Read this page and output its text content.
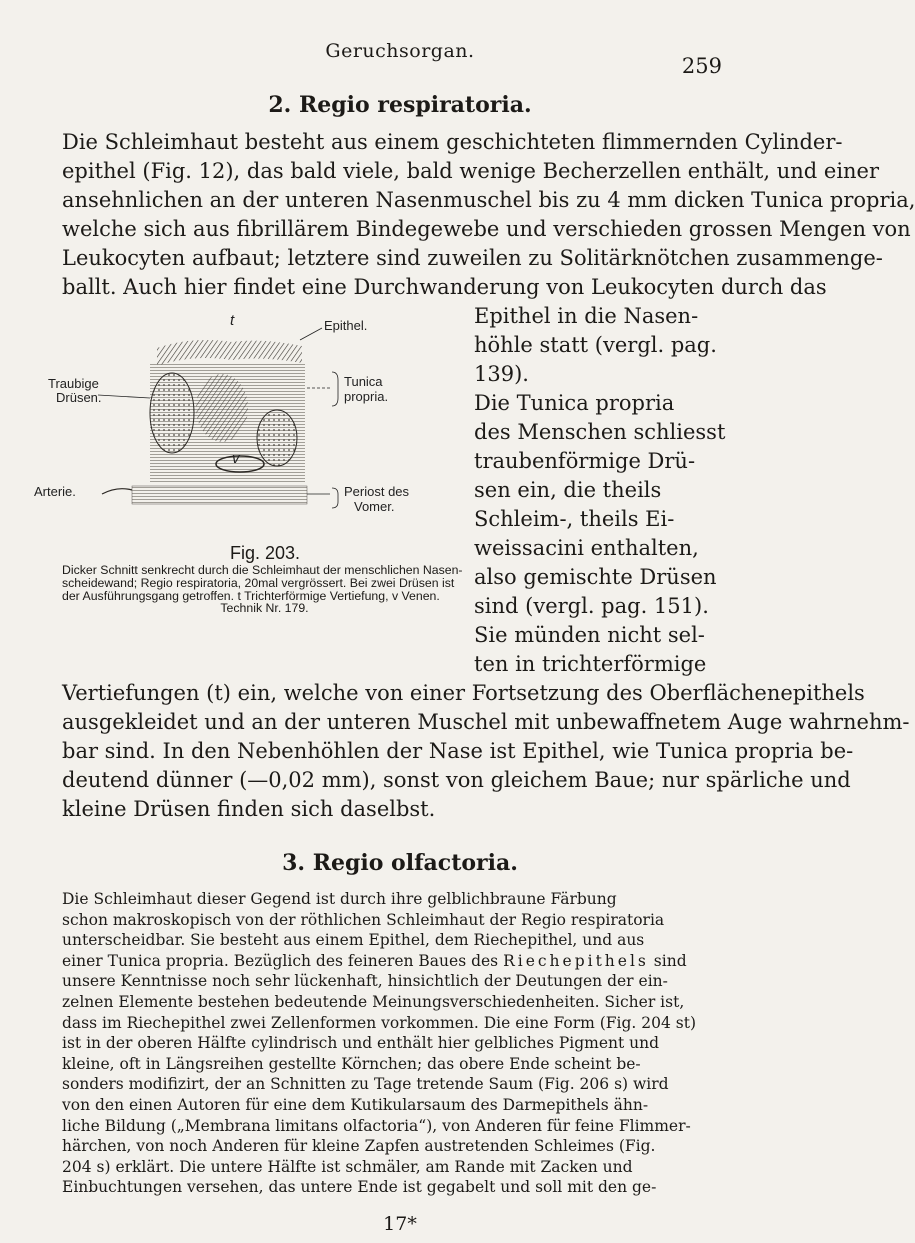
Geruchsorgan.
259
2. Regio respiratoria.
Die Schleimhaut besteht aus einem geschichteten flimmernden Cylinder-
epithel (Fig. 12), das bald viele, bald wenige Becherzellen enthält, und einer
ansehnlichen an der unteren Nasenmuschel bis zu 4 mm dicken Tunica propria,
welche sich aus fibrillärem Bindegewebe und verschieden grossen Mengen von
Leukocyten aufbaut; letztere sind zuweilen zu Solitärknötchen zusammenge-
ballt. Auch hier findet eine Durchwanderung von Leukocyten durch das
Epithel in die Nasen-
höhle statt (vergl. pag.
139).
Die Tunica propria
des Menschen schliesst
traubenförmige Drü-
sen ein, die theils
Schleim-, theils Ei-
weissacini enthalten,
also gemischte Drüsen
sind (vergl. pag. 151).
Sie münden nicht sel-
ten in trichterförmige
t	Epithel.
Traubige
Drüsen.
Tunica
propria.
Arterie.
v
Periost des
Vomer.
Fig. 203.
Dicker Schnitt senkrecht durch die Schleimhaut der menschlichen Nasen-
scheidewand; Regio respiratoria, 20mal vergrössert. Bei zwei Drüsen ist
der Ausführungsgang getroffen. t Trichterförmige Vertiefung, v Venen.
Technik Nr. 179.
Vertiefungen (t) ein, welche von einer Fortsetzung des Oberflächenepithels
ausgekleidet und an der unteren Muschel mit unbewaffnetem Auge wahrnehm-
bar sind. In den Nebenhöhlen der Nase ist Epithel, wie Tunica propria be-
deutend dünner (—0,02 mm), sonst von gleichem Baue; nur spärliche und
kleine Drüsen finden sich daselbst.
3. Regio olfactoria.
Die Schleimhaut dieser Gegend ist durch ihre gelblichbraune Färbung
schon makroskopisch von der röthlichen Schleimhaut der Regio respiratoria
unterscheidbar. Sie besteht aus einem Epithel, dem Riechepithel, und aus
einer Tunica propria. Bezüglich des feineren Baues des Riechepithels sind
unsere Kenntnisse noch sehr lückenhaft, hinsichtlich der Deutungen der ein-
zelnen Elemente bestehen bedeutende Meinungsverschiedenheiten. Sicher ist,
dass im Riechepithel zwei Zellenformen vorkommen. Die eine Form (Fig. 204 st)
ist in der oberen Hälfte cylindrisch und enthält hier gelbliches Pigment und
kleine, oft in Längsreihen gestellte Körnchen; das obere Ende scheint be-
sonders modifizirt, der an Schnitten zu Tage tretende Saum (Fig. 206 s) wird
von den einen Autoren für eine dem Kutikularsaum des Darmepithels ähn-
liche Bildung („Membrana limitans olfactoria“), von Anderen für feine Flimmer-
härchen, von noch Anderen für kleine Zapfen austretenden Schleimes (Fig.
204 s) erklärt. Die untere Hälfte ist schmäler, am Rande mit Zacken und
Einbuchtungen versehen, das untere Ende ist gegabelt und soll mit den ge-
17*
